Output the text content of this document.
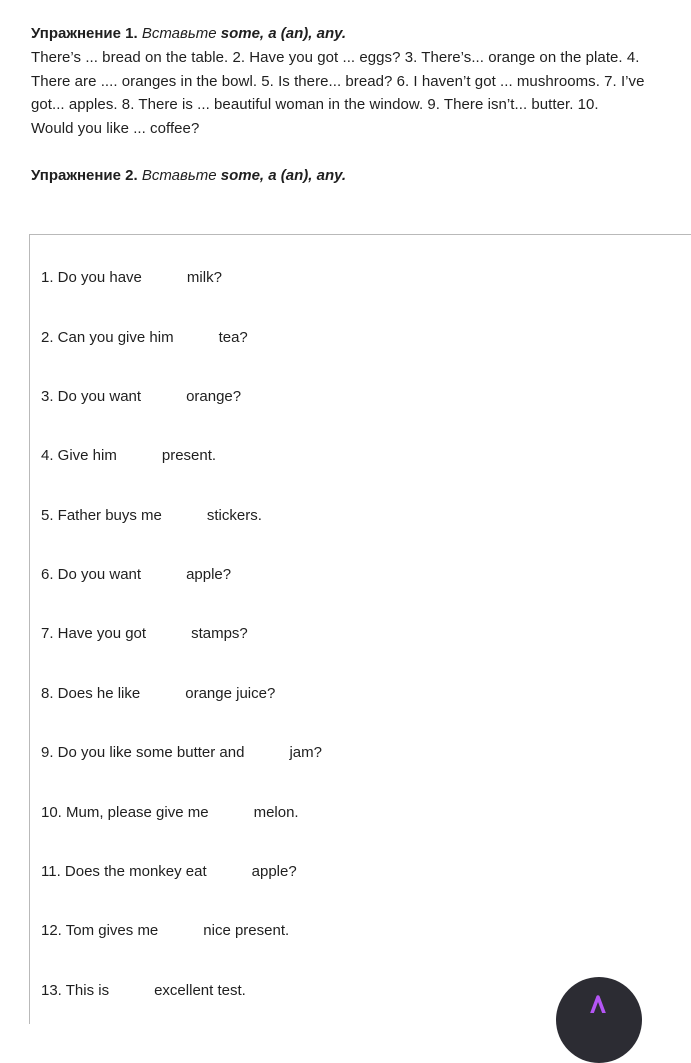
Упражнение 1. Вставьте some, a (an), any.

There’s ... bread on the table. 2. Have you got ... eggs? 3. There’s... orange on the plate. 4.
There are .... oranges in the bowl. 5. Is there... bread? 6. I haven’t got ... mushrooms. 7. I’ve
got... apples. 8. There is ... beautiful woman in the window. 9. There isn’t... butter. 10.
Would you like ... coffee?

Упражнение 2. Вставьте some, a (an), any.

1. Do you have	milk?
2. Can you give him	tea?
3. Do you want	orange?
4. Give him	present.
5. Father buys me	stickers.
6. Do you want	apple?
7. Have you got	stamps?
8. Does he like	orange juice?
9. Do you like some butter and	jam?
10. Mum, please give me	melon.
11. Does the monkey eat	apple?
12. Tom gives me	nice present.
13. This is	excellent test.
